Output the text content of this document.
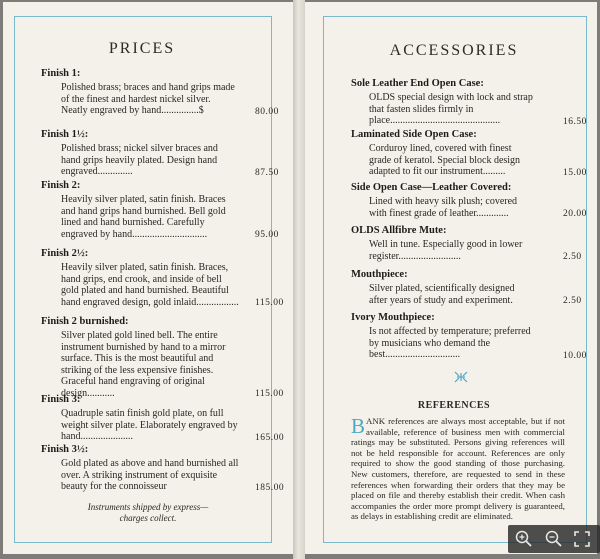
PRICES

Finish 1:

Polished brass; braces and hand grips made of the finest and hardest nickel silver. Neatly engraved by hand...............$	80.00

Finish 1½:

Polished brass; nickel silver braces and hand grips heavily plated. Design hand engraved..............	87.50

Finish 2:

Heavily silver plated, satin finish. Braces and hand grips hand burnished. Bell gold lined and hand burnished. Carefully engraved by hand..............................	95.00

Finish 2½:

Heavily silver plated, satin finish. Braces, hand grips, end crook, and inside of bell gold plated and hand burnished. Beautiful hand engraved design, gold inlaid................. 115.00

Finish 2 burnished:

Silver plated gold lined bell. The entire instrument burnished by hand to a mirror surface. This is the most beautiful and striking of the less expensive finishes. Graceful hand engraving of original design...........	115.00

Finish 3:

Quadruple satin finish gold plate, on full weight silver plate. Elaborately engraved by hand.....................	165.00

Finish 3½:

Gold plated as above and hand burnished all over. A striking instrument of exquisite beauty for the connoisseur	185.00
Instruments shipped by express—charges collect.
ACCESSORIES

Sole Leather End Open Case:

OLDS special design with lock and strap that fasten slides firmly in place............................................	16.50

Laminated Side Open Case:

Corduroy lined, covered with finest grade of keratol. Special block design adapted to fit our instrument.........	15.00

Side Open Case—Leather Covered:

Lined with heavy silk plush; covered with finest grade of leather.............	20.00

OLDS Allfibre Mute:

Well in tune. Especially good in lower register.........................	2.50

Mouthpiece:

Silver plated, scientifically designed after years of study and experiment.	2.50

Ivory Mouthpiece:

Is not affected by temperature; preferred by musicians who demand the best..............................	10.00

REFERENCES

BANK references are always most acceptable, but if not available, reference of business men with commercial ratings may be substituted. Persons giving references will not be held responsible for account. References are only required to show the good standing of those purchasing. New customers, therefore, are requested to send in these references when forwarding their orders that they may be placed on file and thereby establish their credit. When cash accompanies the order more prompt delivery is guaranteed, as delays in establishing credit are eliminated.
